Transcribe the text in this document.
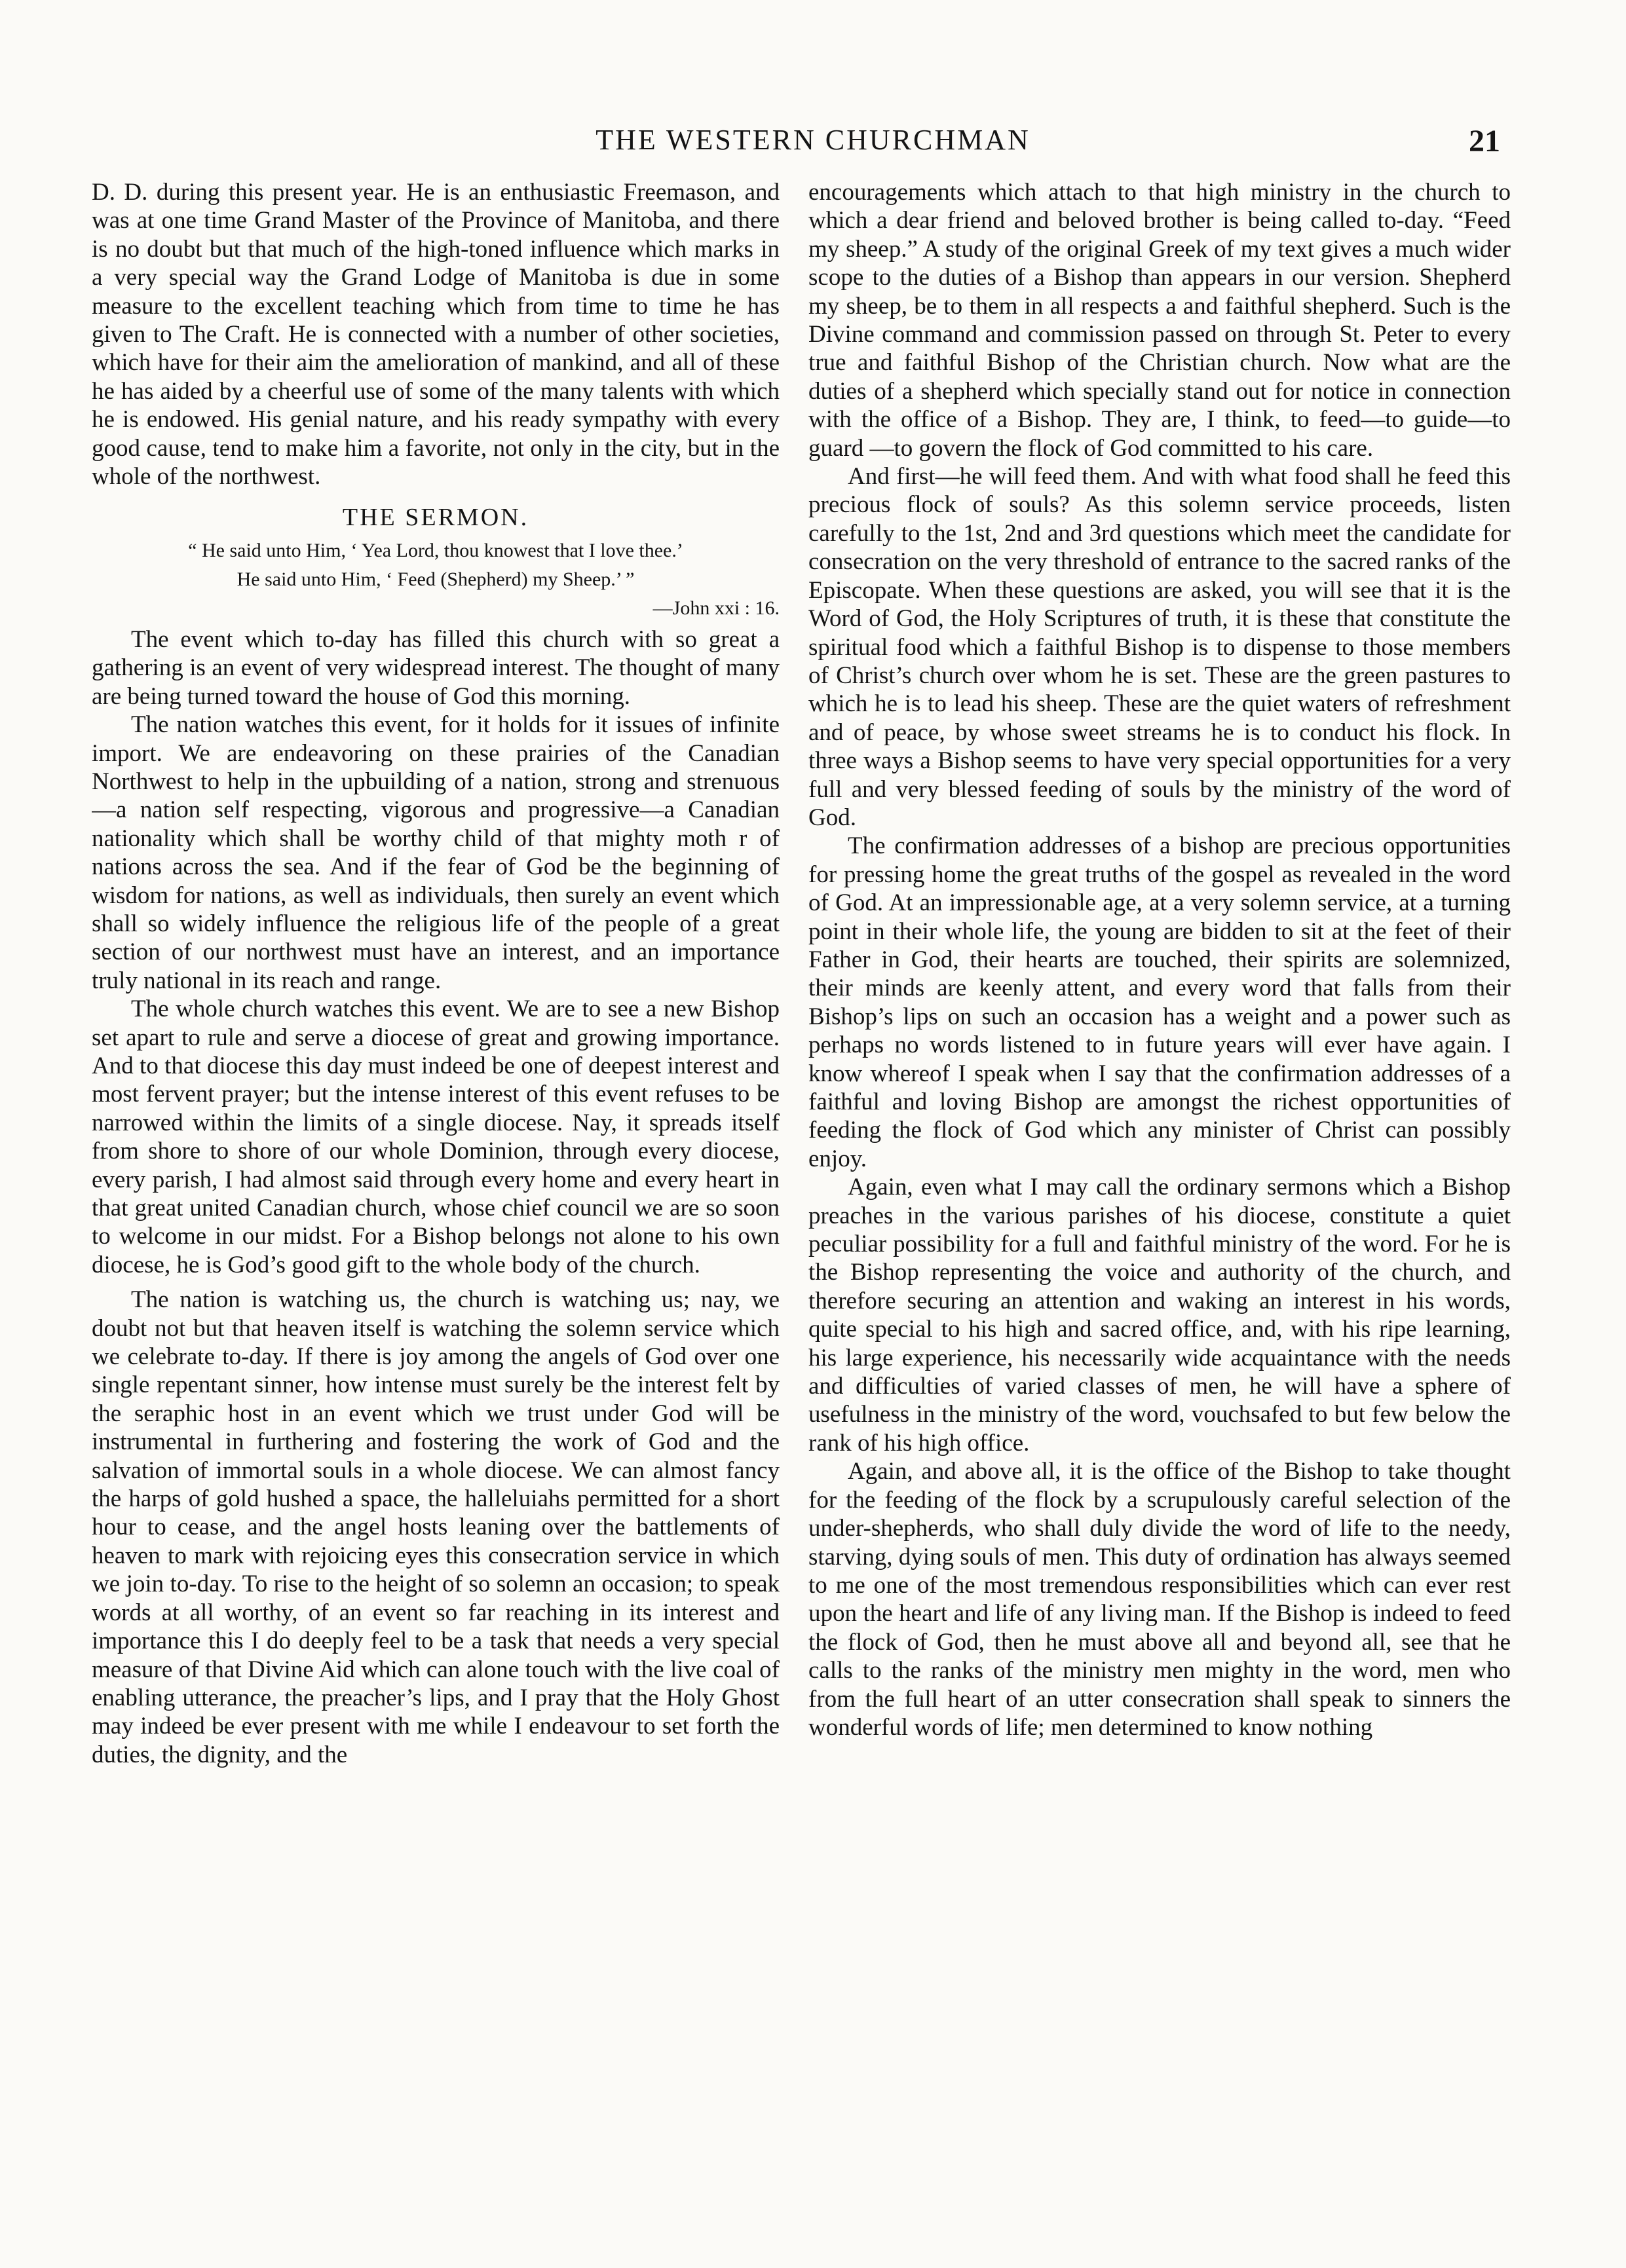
THE WESTERN CHURCHMAN	21

D. D. during this present year. He is an enthusiastic Freemason, and was at one time Grand Master of the Province of Manitoba, and there is no doubt but that much of the high-toned influence which marks in a very special way the Grand Lodge of Manitoba is due in some measure to the excellent teaching which from time to time he has given to The Craft. He is connected with a number of other societies, which have for their aim the amelioration of mankind, and all of these he has aided by a cheerful use of some of the many talents with which he is endowed. His genial nature, and his ready sympathy with every good cause, tend to make him a favorite, not only in the city, but in the whole of the northwest.

THE SERMON.
“ He said unto Him, ‘ Yea Lord, thou knowest that I love thee.’
He said unto Him, ‘ Feed (Shepherd) my Sheep.’ ”
—John xxi : 16.

The event which to-day has filled this church with so great a gathering is an event of very widespread interest. The thought of many are being turned toward the house of God this morning.

The nation watches this event, for it holds for it issues of infinite import. We are endeavoring on these prairies of the Canadian Northwest to help in the upbuilding of a nation, strong and strenuous—a nation self respecting, vigorous and progressive—a Canadian nationality which shall be worthy child of that mighty moth r of nations across the sea. And if the fear of God be the beginning of wisdom for nations, as well as individuals, then surely an event which shall so widely influence the religious life of the people of a great section of our northwest must have an interest, and an importance truly national in its reach and range.

The whole church watches this event. We are to see a new Bishop set apart to rule and serve a diocese of great and growing importance. And to that diocese this day must indeed be one of deepest interest and most fervent prayer; but the intense interest of this event refuses to be narrowed within the limits of a single diocese. Nay, it spreads itself from shore to shore of our whole Dominion, through every diocese, every parish, I had almost said through every home and every heart in that great united Canadian church, whose chief council we are so soon to welcome in our midst. For a Bishop belongs not alone to his own diocese, he is God’s good gift to the whole body of the church.

The nation is watching us, the church is watching us; nay, we doubt not but that heaven itself is watching the solemn service which we celebrate to-day. If there is joy among the angels of God over one single repentant sinner, how intense must surely be the interest felt by the seraphic host in an event which we trust under God will be instrumental in furthering and fostering the work of God and the salvation of immortal souls in a whole diocese. We can almost fancy the harps of gold hushed a space, the halleluiahs permitted for a short hour to cease, and the angel hosts leaning over the battlements of heaven to mark with rejoicing eyes this consecration service in which we join to-day. To rise to the height of so solemn an occasion; to speak words at all worthy, of an event so far reaching in its interest and importance this I do deeply feel to be a task that needs a very special measure of that Divine Aid which can alone touch with the live coal of enabling utterance, the preacher’s lips, and I pray that the Holy Ghost may indeed be ever present with me while I endeavour to set forth the duties, the dignity, and the

encouragements which attach to that high ministry in the church to which a dear friend and beloved brother is being called to-day. “Feed my sheep.” A study of the original Greek of my text gives a much wider scope to the duties of a Bishop than appears in our version. Shepherd my sheep, be to them in all respects a and faithful shepherd. Such is the Divine command and commission passed on through St. Peter to every true and faithful Bishop of the Christian church. Now what are the duties of a shepherd which specially stand out for notice in connection with the office of a Bishop. They are, I think, to feed—to guide—to guard —to govern the flock of God committed to his care.

And first—he will feed them. And with what food shall he feed this precious flock of souls? As this solemn service proceeds, listen carefully to the 1st, 2nd and 3rd questions which meet the candidate for consecration on the very threshold of entrance to the sacred ranks of the Episcopate. When these questions are asked, you will see that it is the Word of God, the Holy Scriptures of truth, it is these that constitute the spiritual food which a faithful Bishop is to dispense to those members of Christ’s church over whom he is set. These are the green pastures to which he is to lead his sheep. These are the quiet waters of refreshment and of peace, by whose sweet streams he is to conduct his flock. In three ways a Bishop seems to have very special opportunities for a very full and very blessed feeding of souls by the ministry of the word of God.

The confirmation addresses of a bishop are precious opportunities for pressing home the great truths of the gospel as revealed in the word of God. At an impressionable age, at a very solemn service, at a turning point in their whole life, the young are bidden to sit at the feet of their Father in God, their hearts are touched, their spirits are solemnized, their minds are keenly attent, and every word that falls from their Bishop’s lips on such an occasion has a weight and a power such as perhaps no words listened to in future years will ever have again. I know whereof I speak when I say that the confirmation addresses of a faithful and loving Bishop are amongst the richest opportunities of feeding the flock of God which any minister of Christ can possibly enjoy.

Again, even what I may call the ordinary sermons which a Bishop preaches in the various parishes of his diocese, constitute a quiet peculiar possibility for a full and faithful ministry of the word. For he is the Bishop representing the voice and authority of the church, and therefore securing an attention and waking an interest in his words, quite special to his high and sacred office, and, with his ripe learning, his large experience, his necessarily wide acquaintance with the needs and difficulties of varied classes of men, he will have a sphere of usefulness in the ministry of the word, vouchsafed to but few below the rank of his high office.

Again, and above all, it is the office of the Bishop to take thought for the feeding of the flock by a scrupulously careful selection of the under-shepherds, who shall duly divide the word of life to the needy, starving, dying souls of men. This duty of ordination has always seemed to me one of the most tremendous responsibilities which can ever rest upon the heart and life of any living man. If the Bishop is indeed to feed the flock of God, then he must above all and beyond all, see that he calls to the ranks of the ministry men mighty in the word, men who from the full heart of an utter consecration shall speak to sinners the wonderful words of life; men determined to know nothing
